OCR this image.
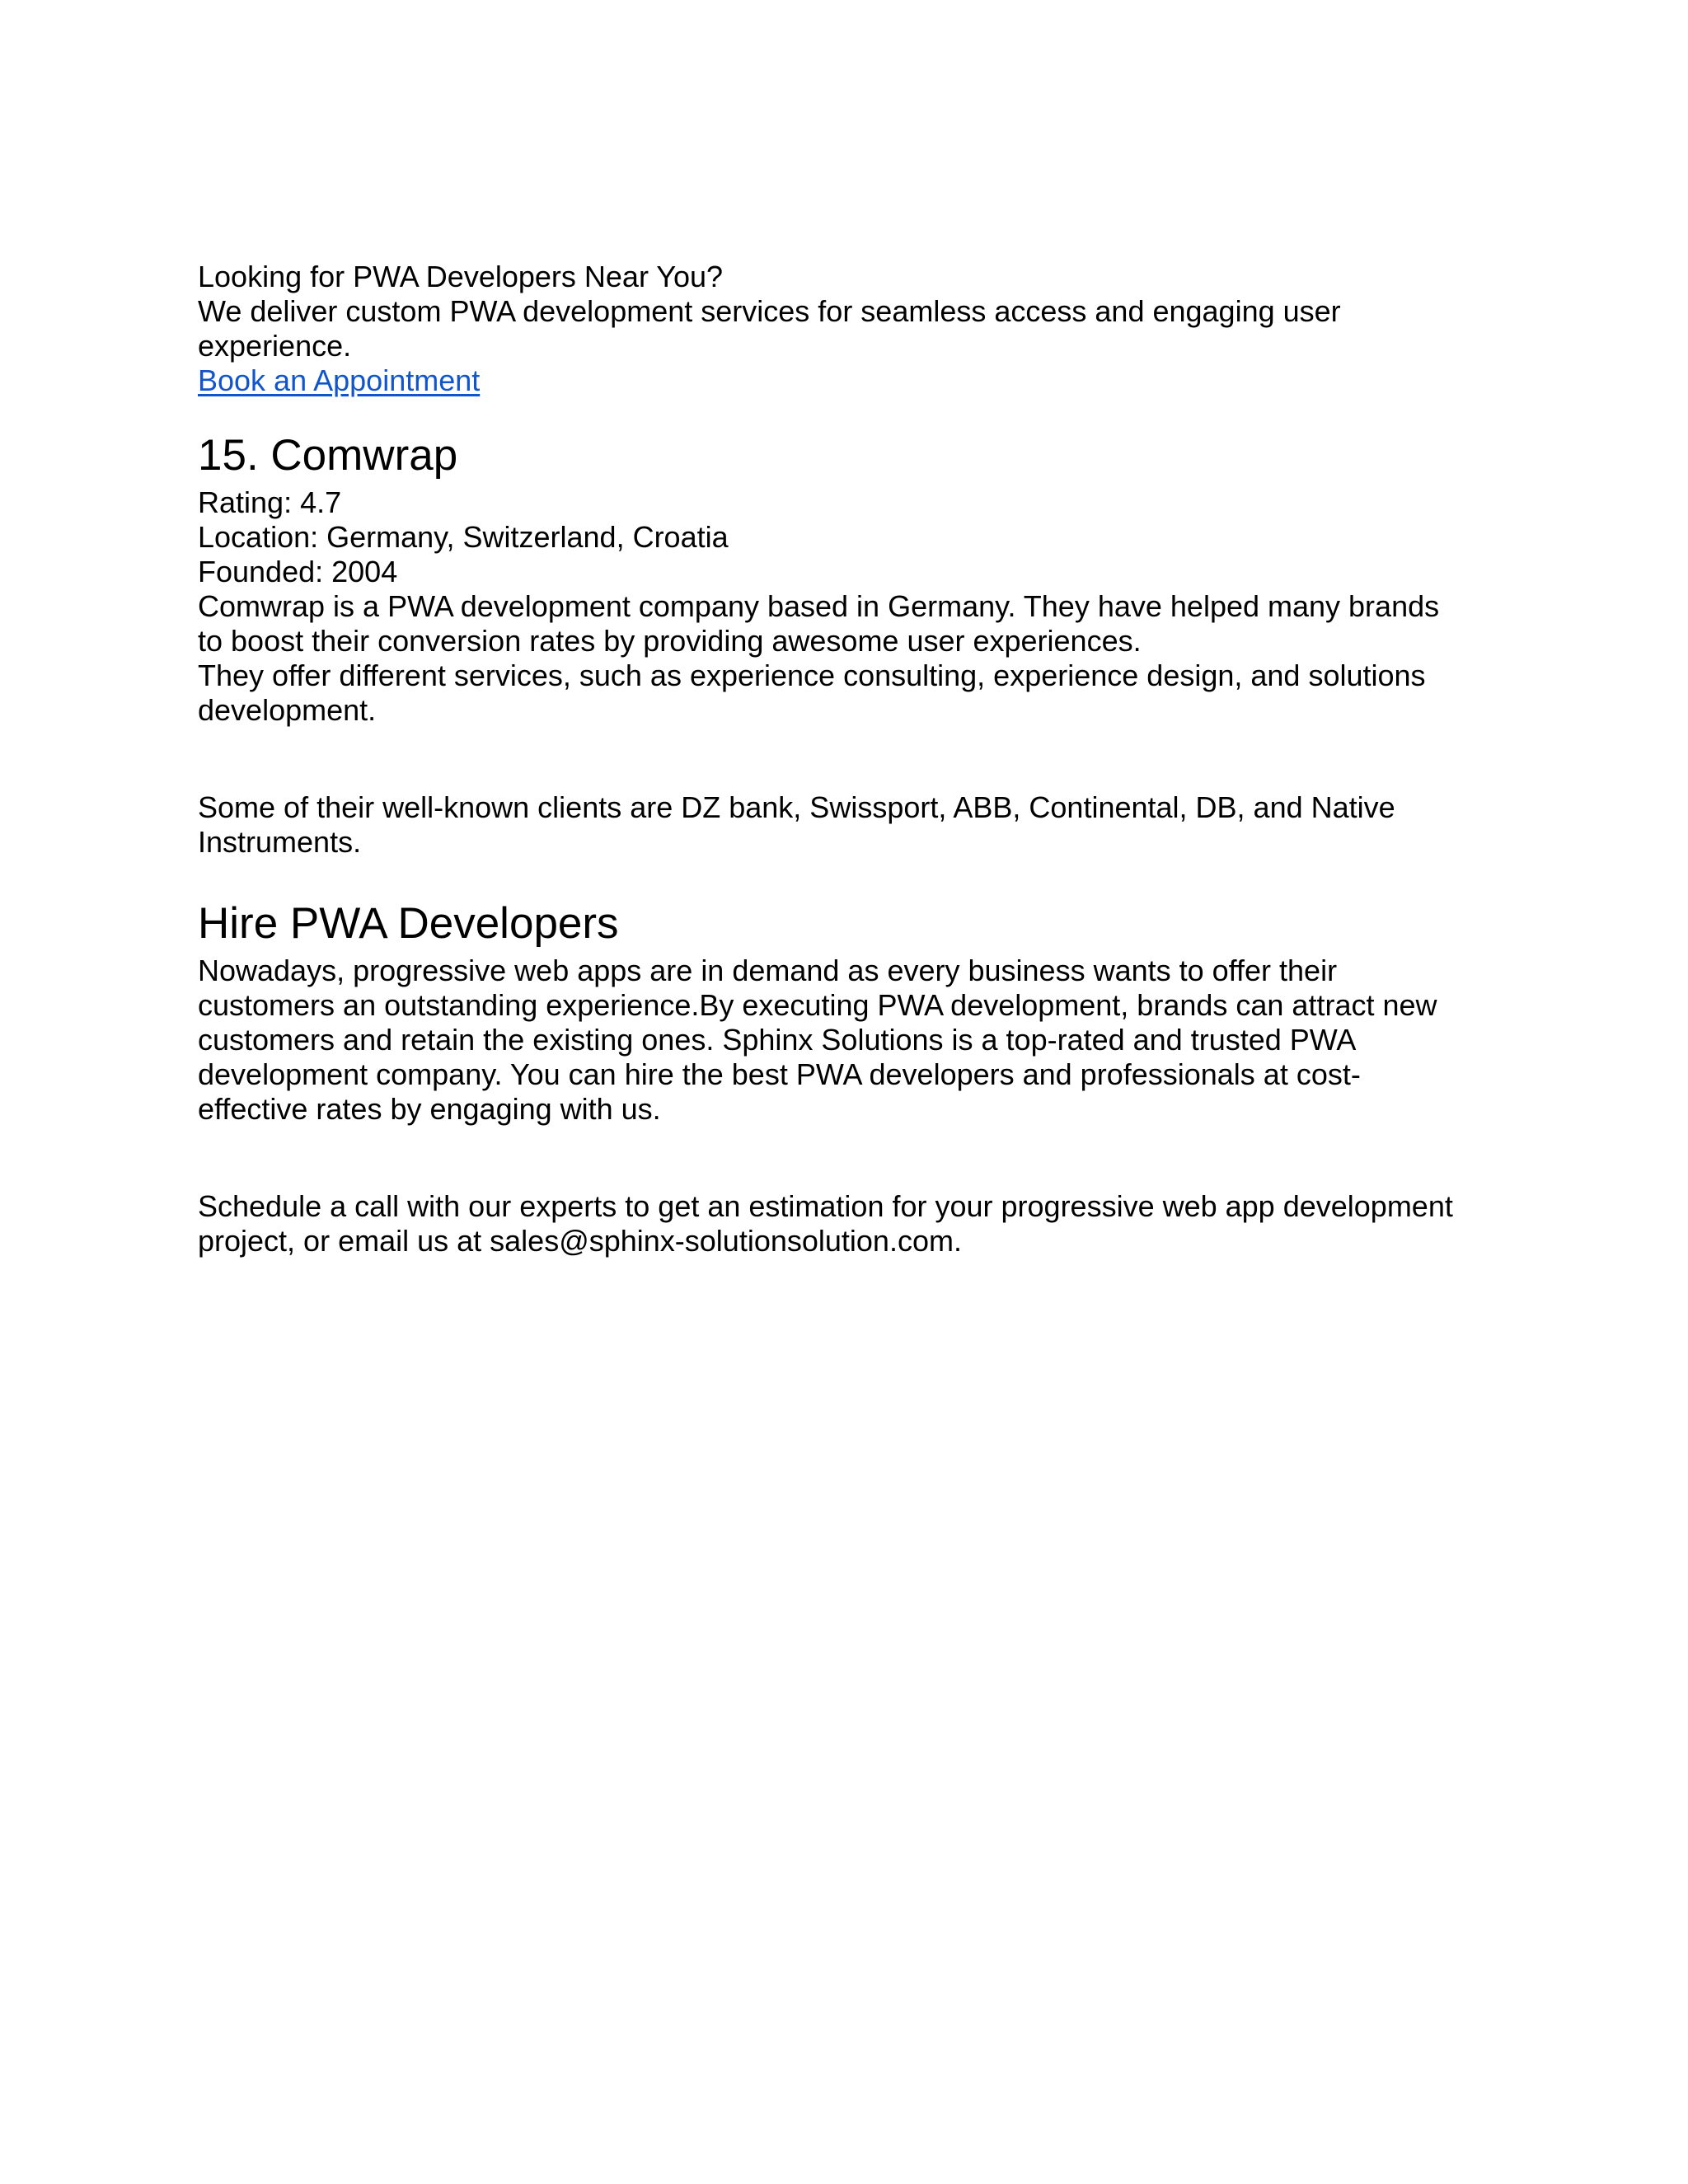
Looking for PWA Developers Near You?

We deliver custom PWA development services for seamless access and engaging user

experience.

Book an Appointment

15. Comwrap

Rating: 4.7

Location: Germany, Switzerland, Croatia

Founded: 2004

Comwrap is a PWA development company based in Germany. They have helped many brands

to boost their conversion rates by providing awesome user experiences.

They offer different services, such as experience consulting, experience design, and solutions

development.

Some of their well-known clients are DZ bank, Swissport, ABB, Continental, DB, and Native

Instruments.

Hire PWA Developers

Nowadays, progressive web apps are in demand as every business wants to offer their

customers an outstanding experience.By executing PWA development, brands can attract new

customers and retain the existing ones. Sphinx Solutions is a top-rated and trusted PWA

development company. You can hire the best PWA developers and professionals at cost-

effective rates by engaging with us.

Schedule a call with our experts to get an estimation for your progressive web app development

project, or email us at sales@sphinx-solutionsolution.com.
